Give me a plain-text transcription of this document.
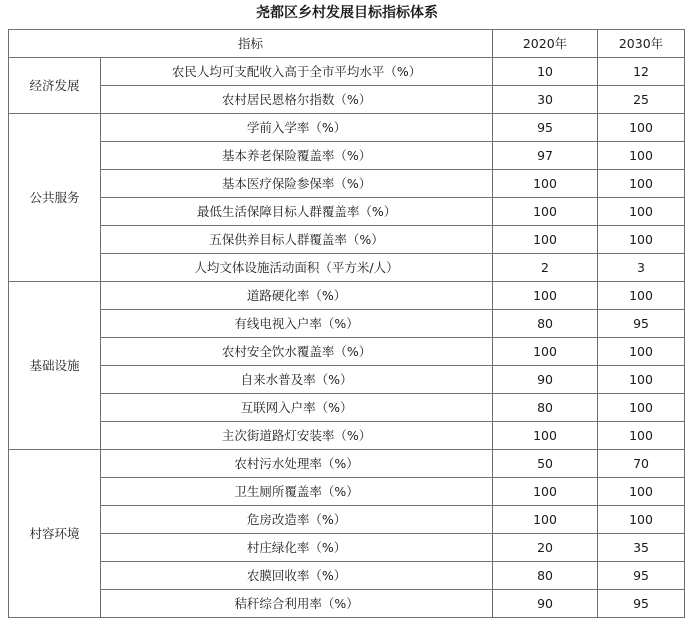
尧都区乡村发展目标指标体系
指标		2020年	2030年
经济发展	农民人均可支配收入高于全市平均水平（%）	10	12
	农村居民恩格尔指数（%）	30	25
公共服务	学前入学率（%）	95	100
	基本养老保险覆盖率（%）	97	100
	基本医疗保险参保率（%）	100	100
	最低生活保障目标人群覆盖率（%）	100	100
	五保供养目标人群覆盖率（%）	100	100
	人均文体设施活动面积（平方米/人）	2	3
基础设施	道路硬化率（%）	100	100
	有线电视入户率（%）	80	95
	农村安全饮水覆盖率（%）	100	100
	自来水普及率（%）	90	100
	互联网入户率（%）	80	100
	主次街道路灯安装率（%）	100	100
村容环境	农村污水处理率（%）	50	70
	卫生厕所覆盖率（%）	100	100
	危房改造率（%）	100	100
	村庄绿化率（%）	20	35
	农膜回收率（%）	80	95
	秸秆综合利用率（%）	90	95
